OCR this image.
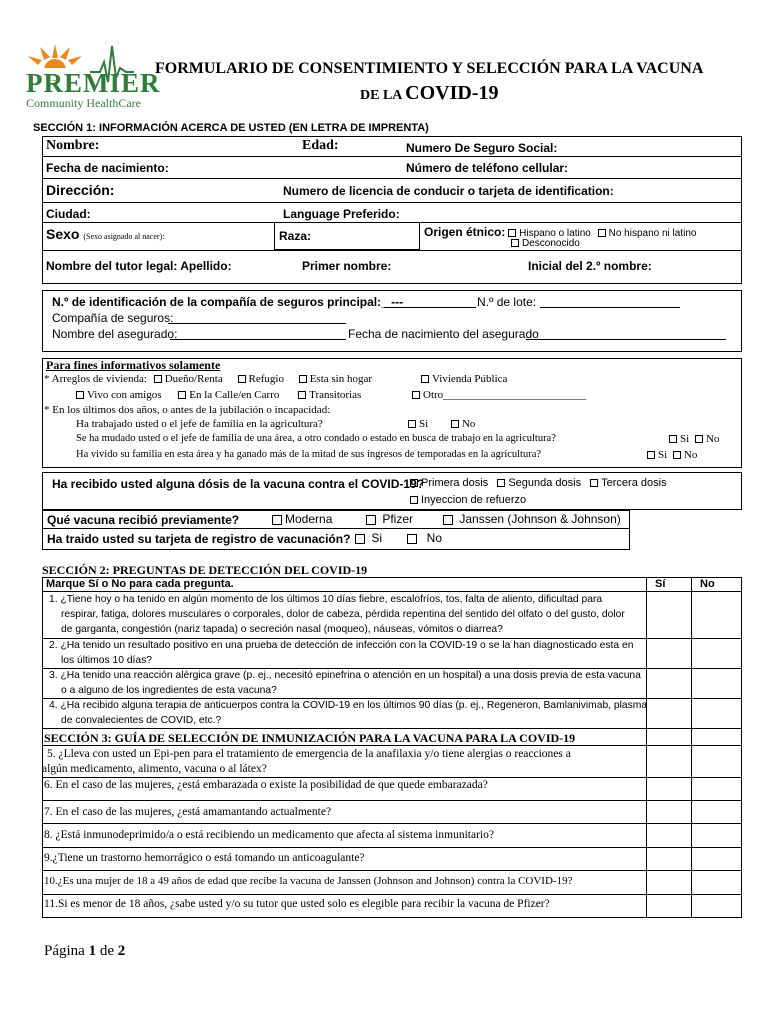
PREMIER
Community HealthCare
FORMULARIO DE CONSENTIMIENTO Y SELECCIÓN PARA LA VACUNA
DE LA COVID-19
SECCIÓN 1: INFORMACIÓN ACERCA DE USTED (EN LETRA DE IMPRENTA)
Nombre:	Edad:	Numero De Seguro Social:
Fecha de nacimiento:	Número de teléfono cellular:
Dirección:	Numero de licencia de conducir o tarjeta de identification:
Ciudad:	Language Preferido:
Sexo (Sexo asignado al nacer):	Raza:	Origen étnico: Hispano o latino No hispano ni latino
Desconocido
Nombre del tutor legal: Apellido:	Primer nombre:	Inicial del 2.º nombre:
N.º de identificación de la compañía de seguros principal:_ ---	N.º de lote:
Compañía de seguros:
Nombre del asegurado:	Fecha de nacimiento del asegurado
Para fines informativos solamente
* Arreglos de vivienda: Dueño/Renta Refugio Esta sin hogar	Vivienda Pública
Vivo con amigos	En la Calle/en Carro	Transitorias	Otro__________________________
* En los últimos dos años, o antes de la jubilación o incapacidad:
Ha trabajado usted o el jefe de familia en la agricultura?	Si	No
Se ha mudado usted o el jefe de familia de una área, a otro condado o estado en busca de trabajo en la agricultura?	Si No
Ha vivido su familia en esta área y ha ganado más de la mitad de sus ingresos de temporadas en la agricultura?	Si No
Ha recibido usted alguna dósis de la vacuna contra el COVID-19?
Primera dosis Segunda dosis Tercera dosis
Inyeccion de refuerzo
Qué vacuna recibió previamente?	Moderna	Pfizer	Janssen (Johnson & Johnson)
Ha traido usted su tarjeta de registro de vacunación?	Si	No
SECCIÓN 2: PREGUNTAS DE DETECCIÓN DEL COVID-19
Marque Sí o No para cada pregunta.	Sí	No
1. ¿Tiene hoy o ha tenido en algún momento de los últimos 10 días fiebre, escalofríos, tos, falta de aliento, dificultad para
respirar, fatiga, dolores musculares o corporales, dolor de cabeza, pérdida repentina del sentido del olfato o del gusto, dolor
de garganta, congestión (nariz tapada) o secreción nasal (moqueo), náuseas, vómitos o diarrea?
2. ¿Ha tenido un resultado positivo en una prueba de detección de infección con la COVID-19 o se la han diagnosticado esta en
los últimos 10 días?
3. ¿Ha tenido una reacción alérgica grave (p. ej., necesitó epinefrina o atención en un hospital) a una dosis previa de esta vacuna
o a alguno de los ingredientes de esta vacuna?
4. ¿Ha recibido alguna terapia de anticuerpos contra la COVID-19 en los últimos 90 días (p. ej., Regeneron, Bamlanivimab, plasma
de convalecientes de COVID, etc.?
SECCIÓN 3: GUÍA DE SELECCIÓN DE INMUNIZACIÓN PARA LA VACUNA PARA LA COVID-19
5. ¿Lleva con usted un Epi-pen para el tratamiento de emergencia de la anafilaxia y/o tiene alergias o reacciones a
algún medicamento, alimento, vacuna o al látex?
6. En el caso de las mujeres, ¿está embarazada o existe la posibilidad de que quede embarazada?
7. En el caso de las mujeres, ¿está amamantando actualmente?
8. ¿Está inmunodeprimido/a o está recibiendo un medicamento que afecta al sistema inmunitario?
9.¿Tiene un trastorno hemorrágico o está tomando un anticoagulante?
10.¿Es una mujer de 18 a 49 años de edad que recibe la vacuna de Janssen (Johnson and Johnson) contra la COVID-19?
11.Si es menor de 18 años, ¿sabe usted y/o su tutor que usted solo es elegible para recibir la vacuna de Pfizer?
Página 1 de 2
